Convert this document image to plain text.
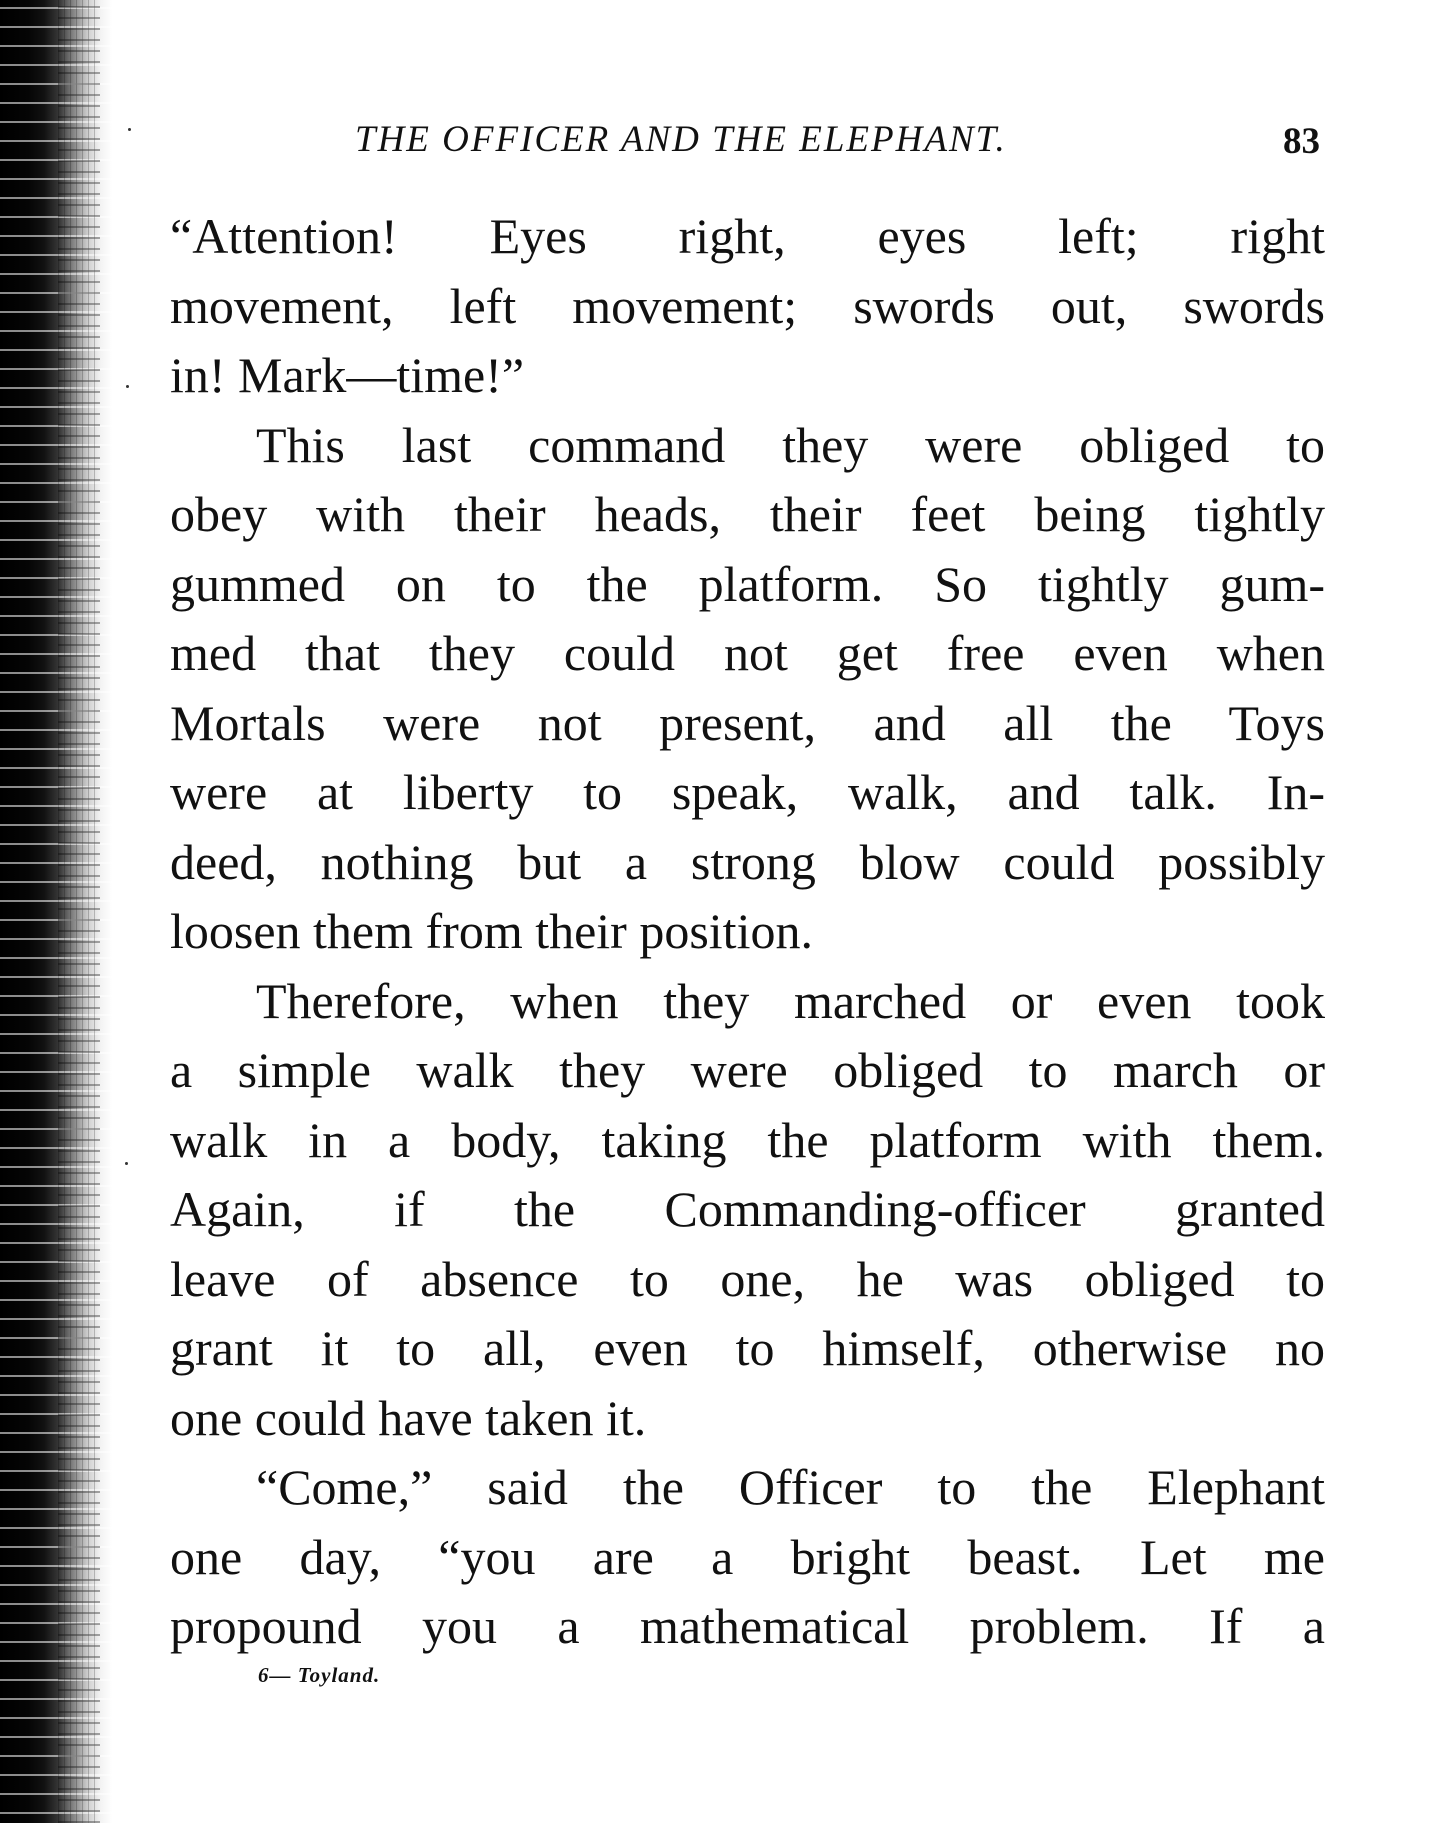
THE OFFICER AND THE ELEPHANT.	83
“Attention! Eyes right, eyes left; right
movement, left movement; swords out, swords
in! Mark—time!”
This last command they were obliged to
obey with their heads, their feet being tightly
gummed on to the platform. So tightly gum-
med that they could not get free even when
Mortals were not present, and all the Toys
were at liberty to speak, walk, and talk. In-
deed, nothing but a strong blow could possibly
loosen them from their position.
Therefore, when they marched or even took
a simple walk they were obliged to march or
walk in a body, taking the platform with them.
Again, if the Commanding-officer granted
leave of absence to one, he was obliged to
grant it to all, even to himself, otherwise no
one could have taken it.
“Come,” said the Officer to the Elephant
one day, “you are a bright beast. Let me
propound you a mathematical problem. If a
6— Toyland.
